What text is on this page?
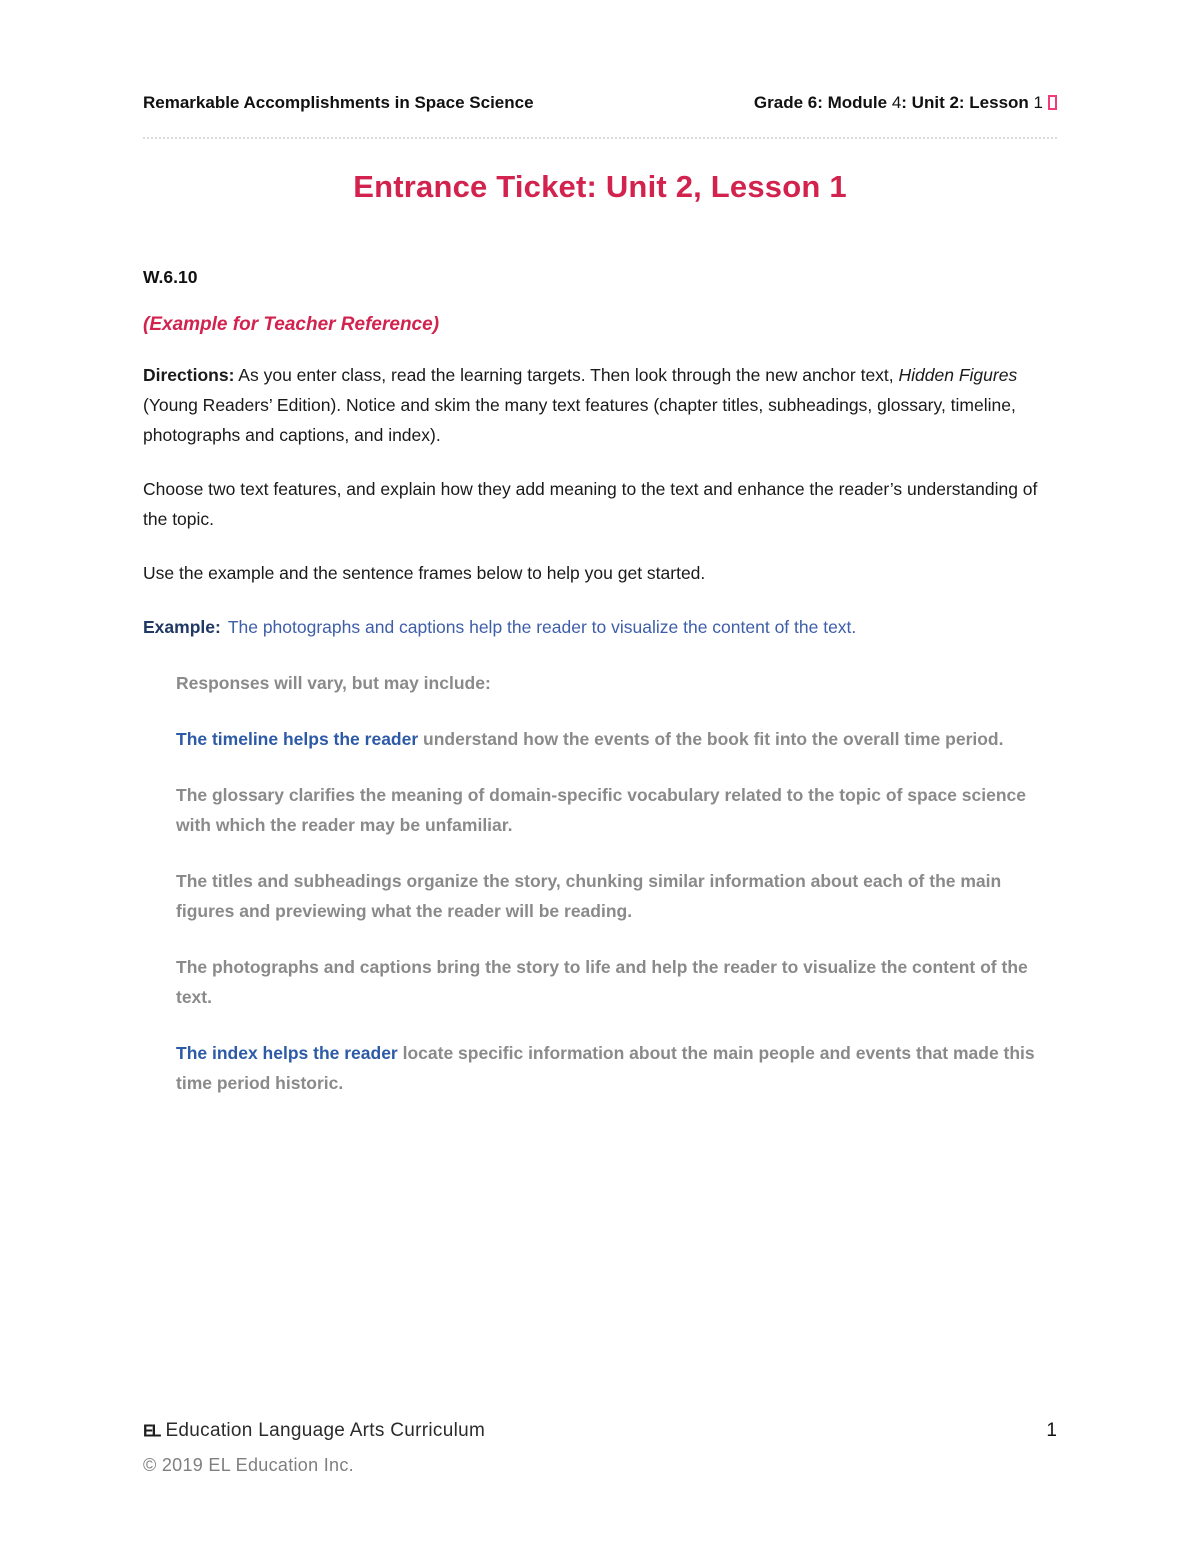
Remarkable Accomplishments in Space Science	Grade 6: Module 4: Unit 2: Lesson 1
Entrance Ticket: Unit 2, Lesson 1

W.6.10

(Example for Teacher Reference)

Directions: As you enter class, read the learning targets. Then look through the new anchor text, Hidden Figures (Young Readers’ Edition). Notice and skim the many text features (chapter titles, subheadings, glossary, timeline, photographs and captions, and index).

Choose two text features, and explain how they add meaning to the text and enhance the reader’s understanding of the topic.

Use the example and the sentence frames below to help you get started.

Example: The photographs and captions help the reader to visualize the content of the text.

Responses will vary, but may include:

The timeline helps the reader understand how the events of the book fit into the overall time period.

The glossary clarifies the meaning of domain-specific vocabulary related to the topic of space science with which the reader may be unfamiliar.

The titles and subheadings organize the story, chunking similar information about each of the main figures and previewing what the reader will be reading.

The photographs and captions bring the story to life and help the reader to visualize the content of the text.

The index helps the reader locate specific information about the main people and events that made this time period historic.

EL Education Language Arts Curriculum	1
© 2019 EL Education Inc.
